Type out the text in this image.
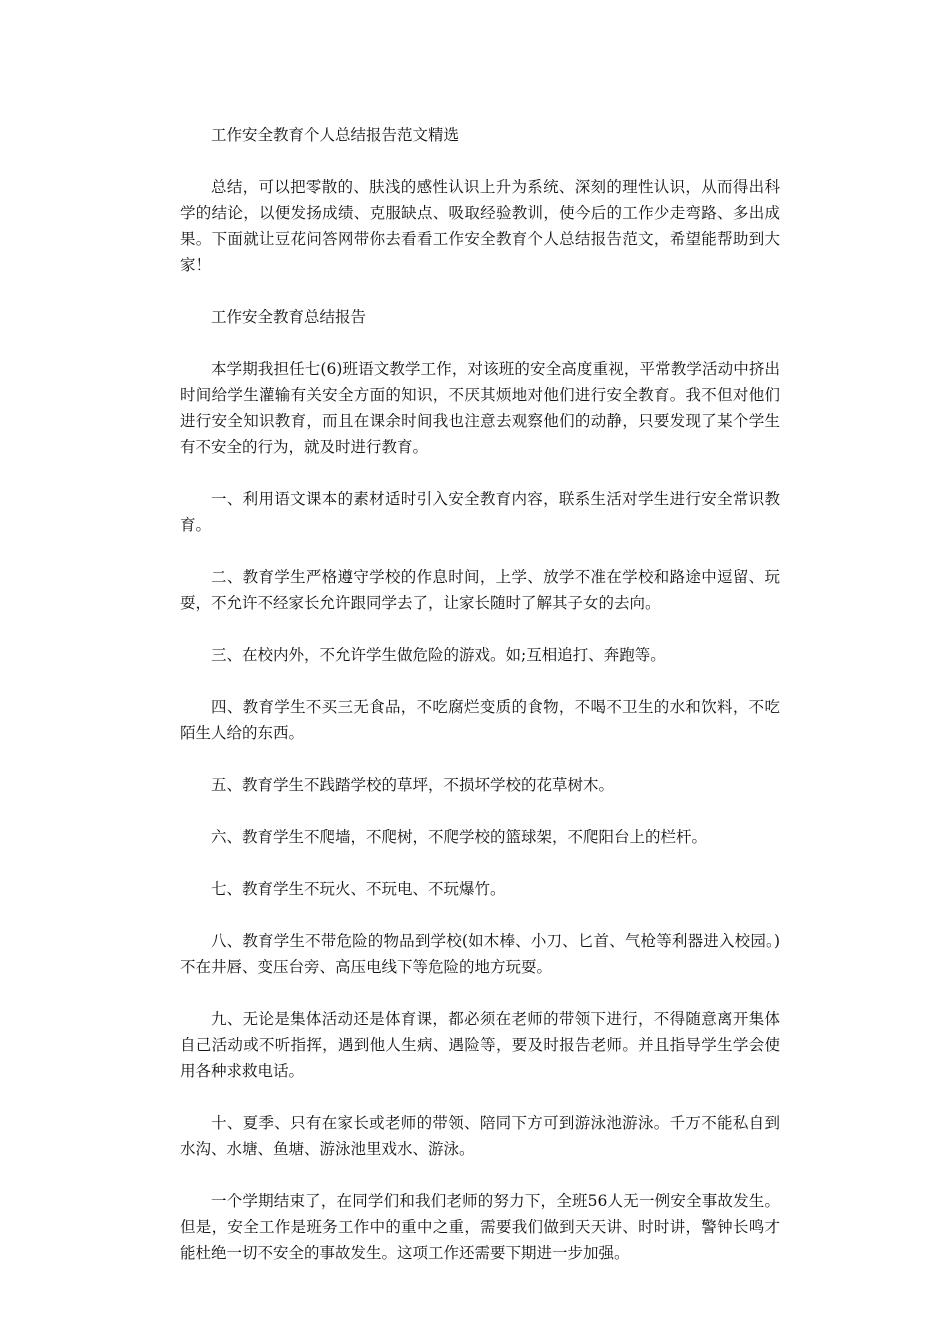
工作安全教育个人总结报告范文精选

总结，可以把零散的、肤浅的感性认识上升为系统、深刻的理性认识，从而得出科学的结论，以便发扬成绩、克服缺点、吸取经验教训，使今后的工作少走弯路、多出成果。下面就让豆花问答网带你去看看工作安全教育个人总结报告范文，希望能帮助到大家！

工作安全教育总结报告

本学期我担任七(6)班语文教学工作，对该班的安全高度重视，平常教学活动中挤出时间给学生灌输有关安全方面的知识，不厌其烦地对他们进行安全教育。我不但对他们进行安全知识教育，而且在课余时间我也注意去观察他们的动静，只要发现了某个学生有不安全的行为，就及时进行教育。

一、利用语文课本的素材适时引入安全教育内容，联系生活对学生进行安全常识教育。

二、教育学生严格遵守学校的作息时间，上学、放学不准在学校和路途中逗留、玩耍，不允许不经家长允许跟同学去了，让家长随时了解其子女的去向。

三、在校内外，不允许学生做危险的游戏。如;互相追打、奔跑等。

四、教育学生不买三无食品，不吃腐烂变质的食物，不喝不卫生的水和饮料，不吃陌生人给的东西。

五、教育学生不践踏学校的草坪，不损坏学校的花草树木。

六、教育学生不爬墙，不爬树，不爬学校的篮球架，不爬阳台上的栏杆。

七、教育学生不玩火、不玩电、不玩爆竹。

八、教育学生不带危险的物品到学校(如木棒、小刀、匕首、气枪等利器进入校园。)不在井唇、变压台旁、高压电线下等危险的地方玩耍。

九、无论是集体活动还是体育课，都必须在老师的带领下进行，不得随意离开集体自己活动或不听指挥，遇到他人生病、遇险等，要及时报告老师。并且指导学生学会使用各种求救电话。

十、夏季、只有在家长或老师的带领、陪同下方可到游泳池游泳。千万不能私自到水沟、水塘、鱼塘、游泳池里戏水、游泳。

一个学期结束了，在同学们和我们老师的努力下，全班56人无一例安全事故发生。但是，安全工作是班务工作中的重中之重，需要我们做到天天讲、时时讲，警钟长鸣才能杜绝一切不安全的事故发生。这项工作还需要下期进一步加强。
